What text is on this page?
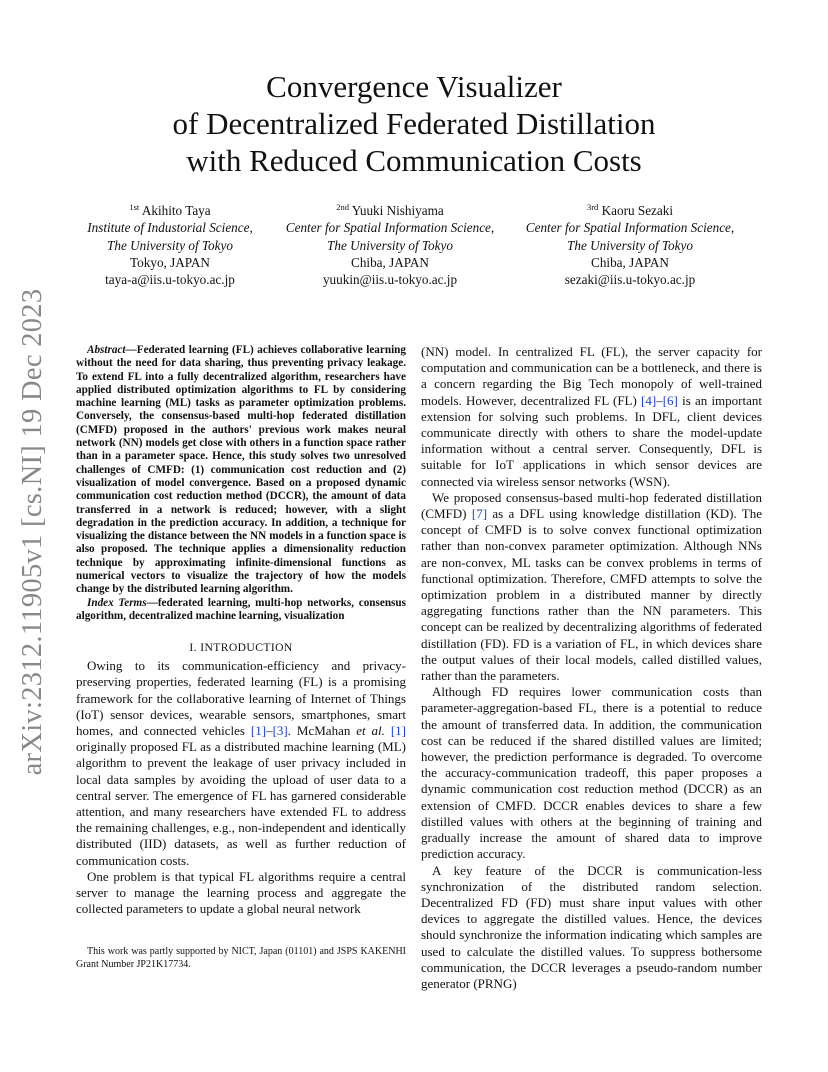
Convergence Visualizer
of Decentralized Federated Distillation
with Reduced Communication Costs
$^{1st}$ Akihito Taya
Institute of Industorial Science,
The University of Tokyo
Tokyo, JAPAN
taya-a@iis.u-tokyo.ac.jp
$^{2nd}$ Yuuki Nishiyama
Center for Spatial Information Science,
The University of Tokyo
Chiba, JAPAN
yuukin@iis.u-tokyo.ac.jp
$^{3rd}$ Kaoru Sezaki
Center for Spatial Information Science,
The University of Tokyo
Chiba, JAPAN
sezaki@iis.u-tokyo.ac.jp
arXiv:2312.11905v1 [cs.NI] 19 Dec 2023	Abstract—Federated learning (FL) achieves collaborative learning without the need for data sharing, thus preventing privacy leakage. To extend FL into a fully decentralized algorithm, researchers have applied distributed optimization algorithms to FL by considering machine learning (ML) tasks as parameter optimization problems. Conversely, the consensus-based multi-hop federated distillation (CMFD) proposed in the authors' previous work makes neural network (NN) models get close with others in a function space rather than in a parameter space. Hence, this study solves two unresolved challenges of CMFD: (1) communication cost reduction and (2) visualization of model convergence. Based on a proposed dynamic communication cost reduction method (DCCR), the amount of data transferred in a network is reduced; however, with a slight degradation in the prediction accuracy. In addition, a technique for visualizing the distance between the NN models in a function space is also proposed. The technique applies a dimensionality reduction technique by approximating infinite-dimensional functions as numerical vectors to visualize the trajectory of how the models change by the distributed learning algorithm.

Index Terms—federated learning, multi-hop networks, consensus algorithm, decentralized machine learning, visualization

I. INTRODUCTION

Owing to its communication-efficiency and privacy-preserving properties, federated learning (FL) is a promising framework for the collaborative learning of Internet of Things (IoT) sensor devices, wearable sensors, smartphones, smart homes, and connected vehicles [1]–[3]. McMahan et al. [1] originally proposed FL as a distributed machine learning (ML) algorithm to prevent the leakage of user privacy included in local data samples by avoiding the upload of user data to a central server. The emergence of FL has garnered considerable attention, and many researchers have extended FL to address the remaining challenges, e.g., non-independent and identically distributed (IID) datasets, as well as further reduction of communication costs.

One problem is that typical FL algorithms require a central server to manage the learning process and aggregate the collected parameters to update a global neural network

This work was partly supported by NICT, Japan (01101) and JSPS KAKENHI Grant Number JP21K17734.

(NN) model. In centralized FL (FL), the server capacity for computation and communication can be a bottleneck, and there is a concern regarding the Big Tech monopoly of well-trained models. However, decentralized FL (FL) [4]–[6] is an important extension for solving such problems. In DFL, client devices communicate directly with others to share the model-update information without a central server. Consequently, DFL is suitable for IoT applications in which sensor devices are connected via wireless sensor networks (WSN).

We proposed consensus-based multi-hop federated distillation (CMFD) [7] as a DFL using knowledge distillation (KD). The concept of CMFD is to solve convex functional optimization rather than non-convex parameter optimization. Although NNs are non-convex, ML tasks can be convex problems in terms of functional optimization. Therefore, CMFD attempts to solve the optimization problem in a distributed manner by directly aggregating functions rather than the NN parameters. This concept can be realized by decentralizing algorithms of federated distillation (FD). FD is a variation of FL, in which devices share the output values of their local models, called distilled values, rather than the parameters.

Although FD requires lower communication costs than parameter-aggregation-based FL, there is a potential to reduce the amount of transferred data. In addition, the communication cost can be reduced if the shared distilled values are limited; however, the prediction performance is degraded. To overcome the accuracy-communication tradeoff, this paper proposes a dynamic communication cost reduction method (DCCR) as an extension of CMFD. DCCR enables devices to share a few distilled values with others at the beginning of training and gradually increase the amount of shared data to improve prediction accuracy.

A key feature of the DCCR is communication-less synchronization of the distributed random selection. Decentralized FD (FD) must share input values with other devices to aggregate the distilled values. Hence, the devices should synchronize the information indicating which samples are used to calculate the distilled values. To suppress bothersome communication, the DCCR leverages a pseudo-random number generator (PRNG)
